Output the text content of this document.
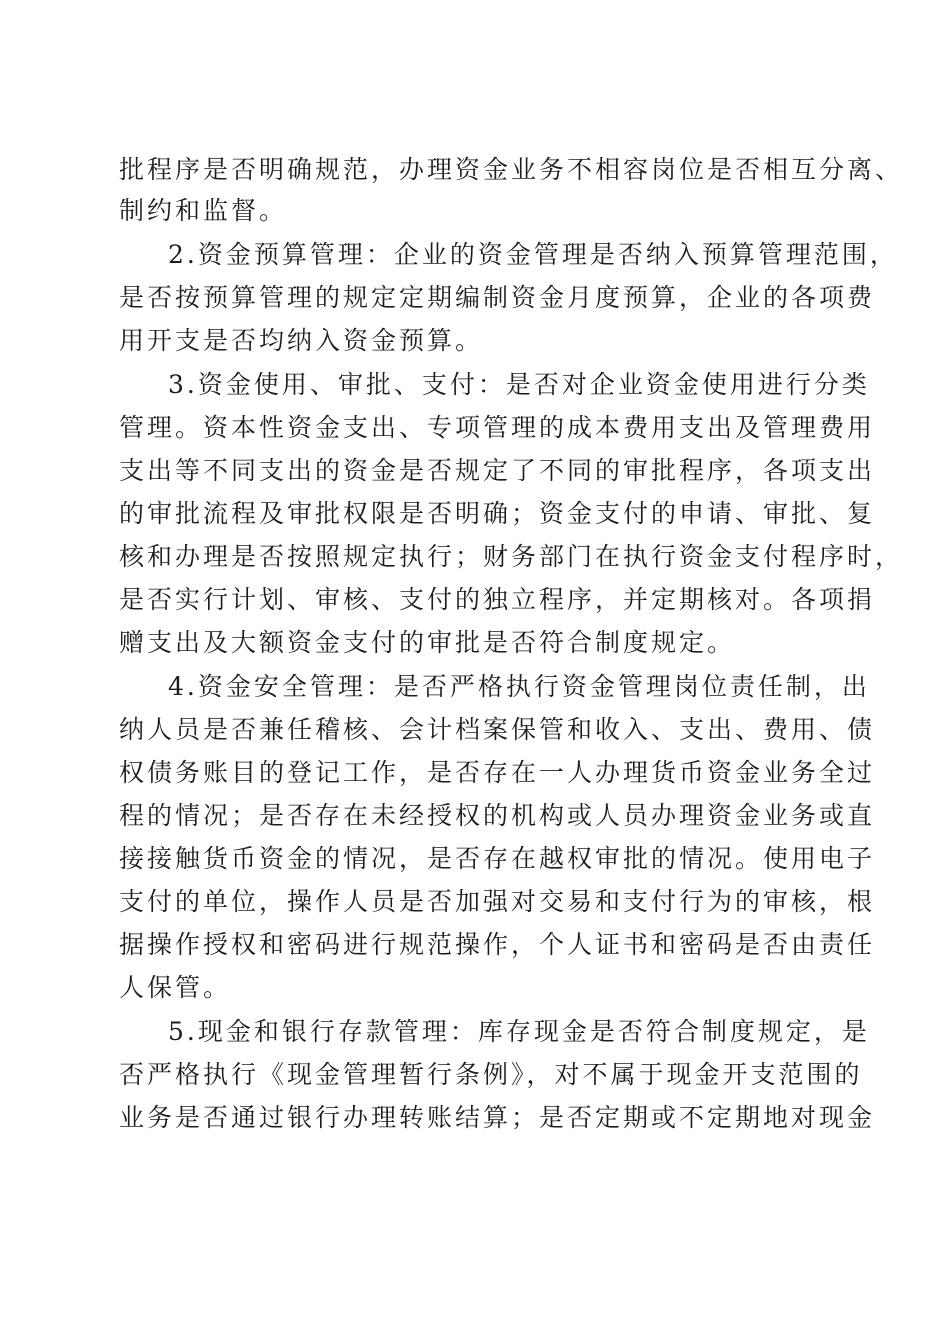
批程序是否明确规范，办理资金业务不相容岗位是否相互分离、
制约和监督。
2.资金预算管理：企业的资金管理是否纳入预算管理范围，
是否按预算管理的规定定期编制资金月度预算，企业的各项费
用开支是否均纳入资金预算。
3.资金使用、审批、支付：是否对企业资金使用进行分类
管理。资本性资金支出、专项管理的成本费用支出及管理费用
支出等不同支出的资金是否规定了不同的审批程序，各项支出
的审批流程及审批权限是否明确；资金支付的申请、审批、复
核和办理是否按照规定执行；财务部门在执行资金支付程序时，
是否实行计划、审核、支付的独立程序，并定期核对。各项捐
赠支出及大额资金支付的审批是否符合制度规定。
4.资金安全管理：是否严格执行资金管理岗位责任制，出
纳人员是否兼任稽核、会计档案保管和收入、支出、费用、债
权债务账目的登记工作，是否存在一人办理货币资金业务全过
程的情况；是否存在未经授权的机构或人员办理资金业务或直
接接触货币资金的情况，是否存在越权审批的情况。使用电子
支付的单位，操作人员是否加强对交易和支付行为的审核，根
据操作授权和密码进行规范操作，个人证书和密码是否由责任
人保管。
5.现金和银行存款管理：库存现金是否符合制度规定，是
否严格执行《现金管理暂行条例》，对不属于现金开支范围的
业务是否通过银行办理转账结算；是否定期或不定期地对现金
